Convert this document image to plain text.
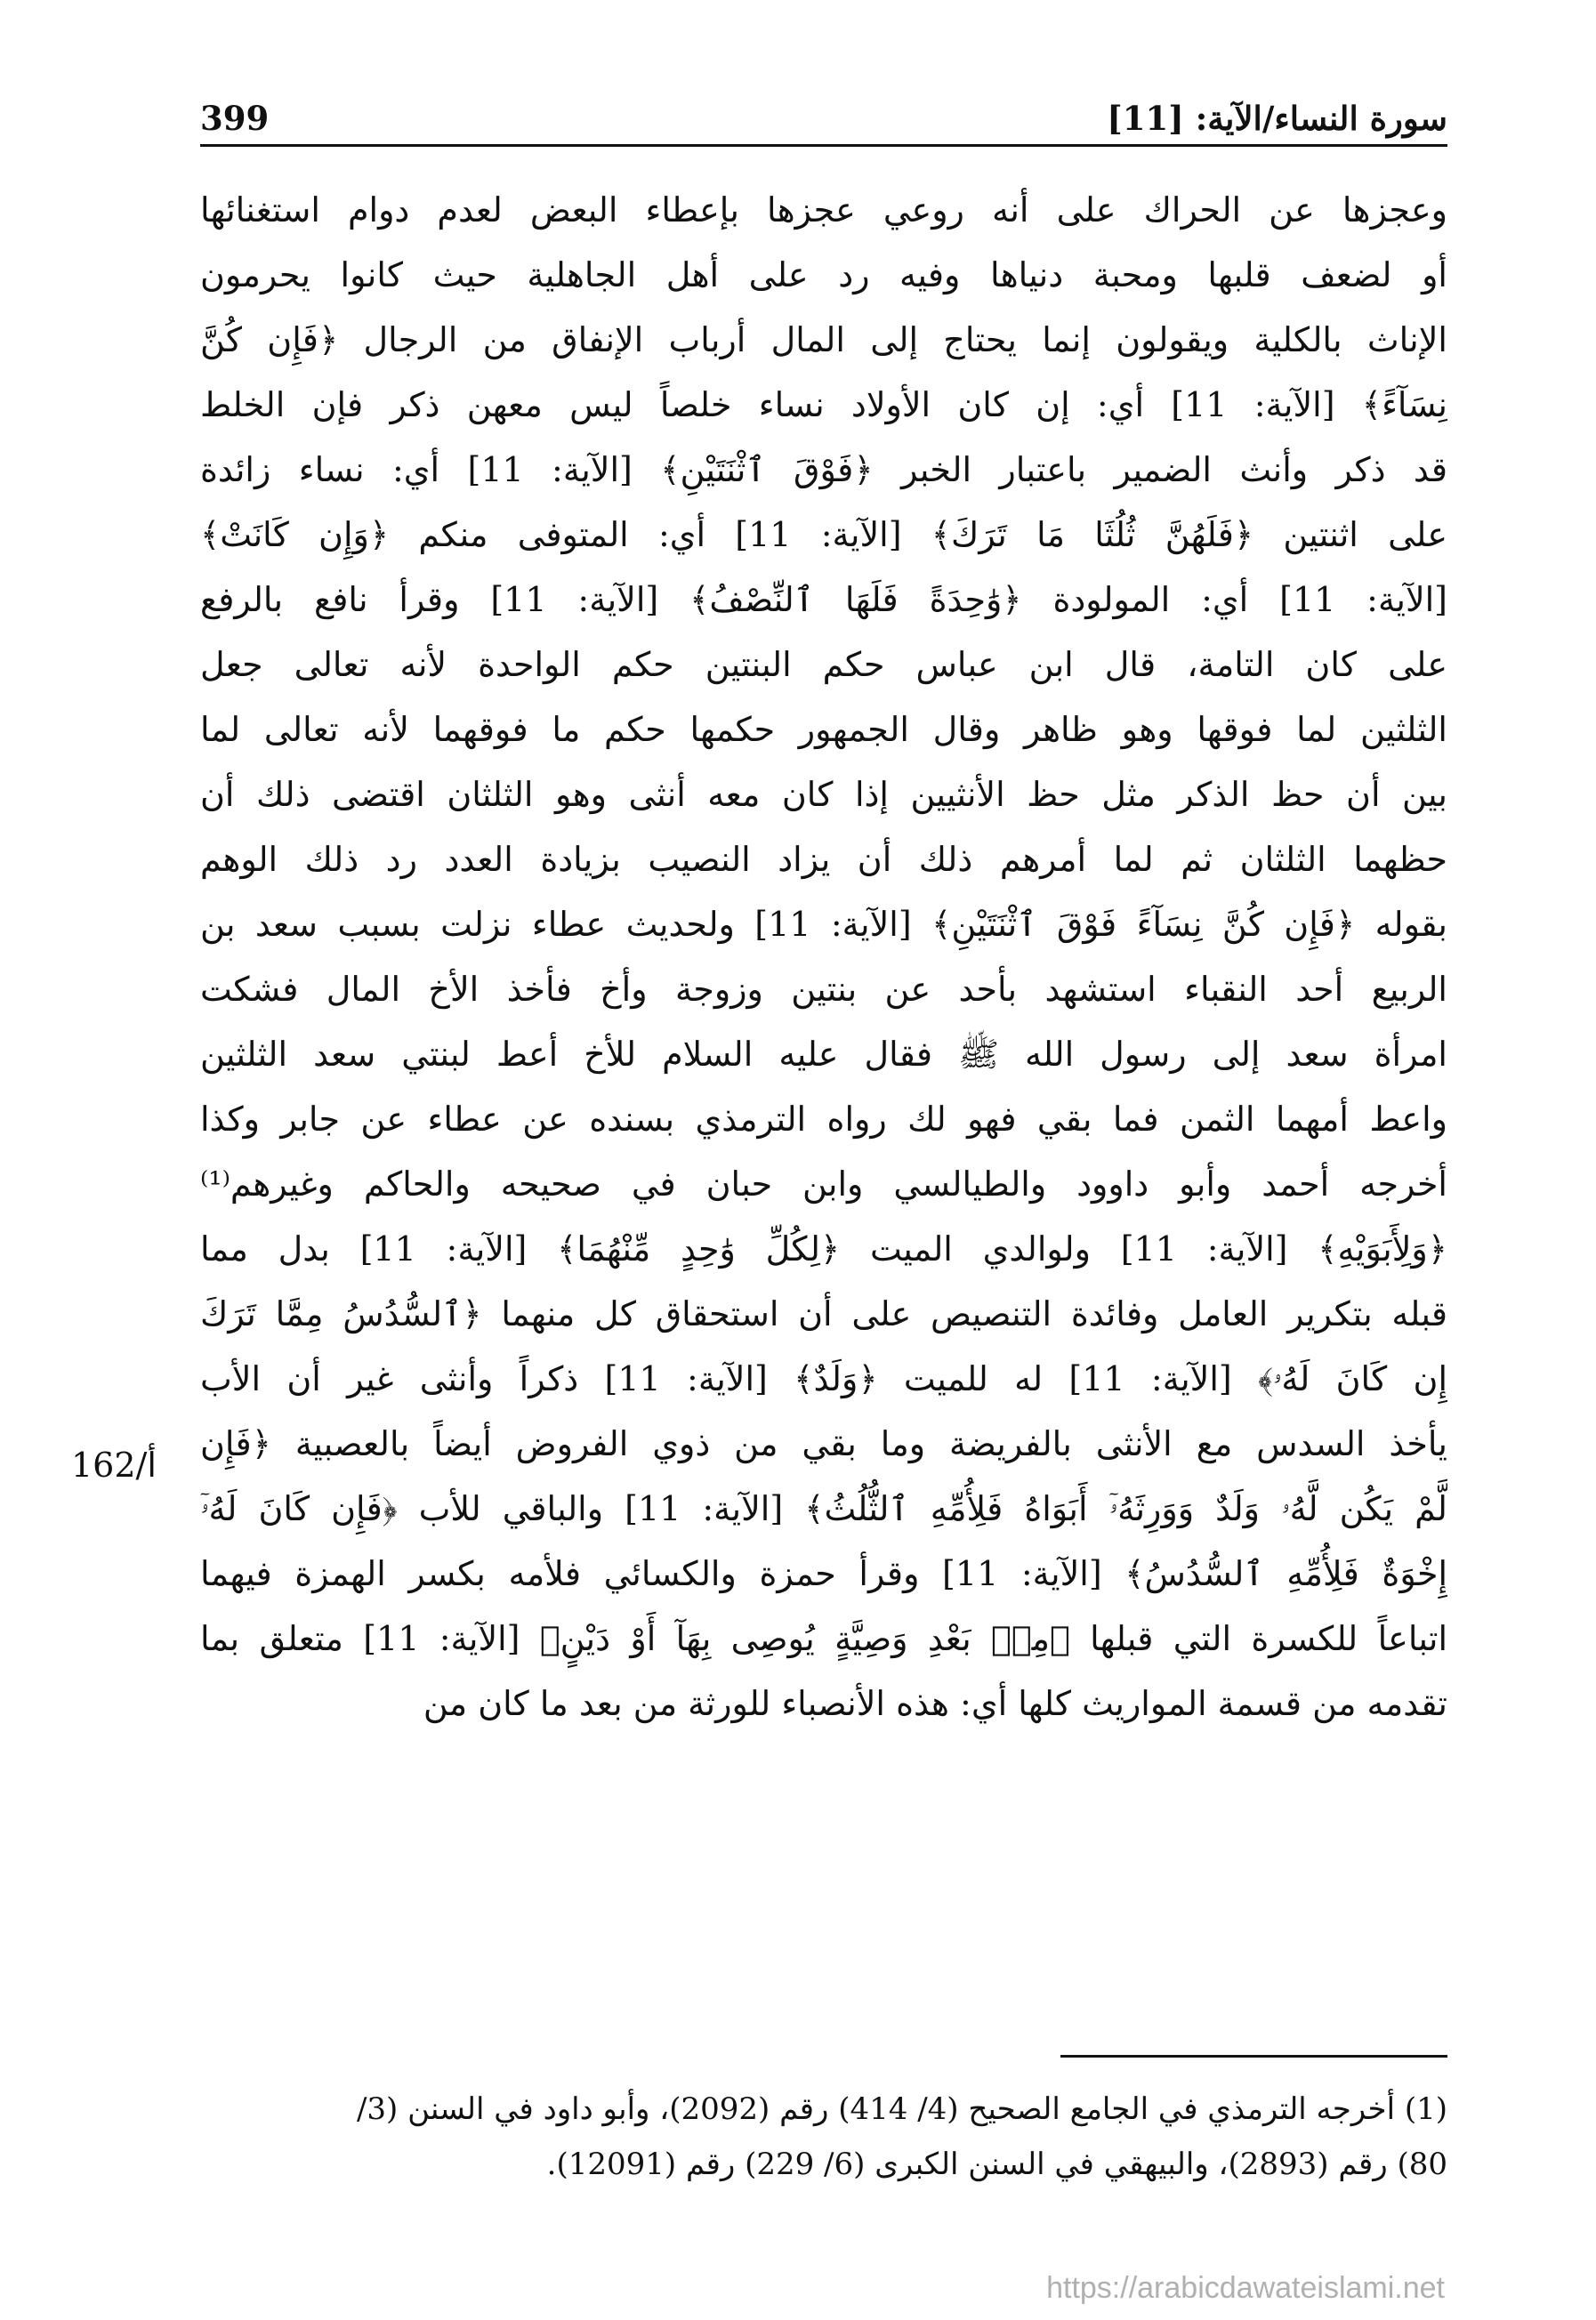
399	سورة النساء/الآية: [11]
وعجزها عن الحراك على أنه روعي عجزها بإعطاء البعض لعدم دوام استغنائها
أو لضعف قلبها ومحبة دنياها وفيه رد على أهل الجاهلية حيث كانوا يحرمون
الإناث بالكلية ويقولون إنما يحتاج إلى المال أرباب الإنفاق من الرجال ﴿فَإِن كُنَّ
نِسَآءً﴾ [الآية: 11] أي: إن كان الأولاد نساء خلصاً ليس معهن ذكر فإن الخلط
قد ذكر وأنث الضمير باعتبار الخبر ﴿فَوْقَ ٱثْنَتَيْنِ﴾ [الآية: 11] أي: نساء زائدة
على اثنتين ﴿فَلَهُنَّ ثُلُثَا مَا تَرَكَ﴾ [الآية: 11] أي: المتوفى منكم ﴿وَإِن كَانَتْ﴾
[الآية: 11] أي: المولودة ﴿وَٰحِدَةً فَلَهَا ٱلنِّصْفُ﴾ [الآية: 11] وقرأ نافع بالرفع
على كان التامة، قال ابن عباس حكم البنتين حكم الواحدة لأنه تعالى جعل
الثلثين لما فوقها وهو ظاهر وقال الجمهور حكمها حكم ما فوقهما لأنه تعالى لما
بين أن حظ الذكر مثل حظ الأنثيين إذا كان معه أنثى وهو الثلثان اقتضى ذلك أن
حظهما الثلثان ثم لما أمرهم ذلك أن يزاد النصيب بزيادة العدد رد ذلك الوهم
بقوله ﴿فَإِن كُنَّ نِسَآءً فَوْقَ ٱثْنَتَيْنِ﴾ [الآية: 11] ولحديث عطاء نزلت بسبب سعد بن
الربيع أحد النقباء استشهد بأحد عن بنتين وزوجة وأخ فأخذ الأخ المال فشكت
امرأة سعد إلى رسول الله ﷺ فقال عليه السلام للأخ أعط لبنتي سعد الثلثين
واعط أمهما الثمن فما بقي فهو لك رواه الترمذي بسنده عن عطاء عن جابر وكذا
أخرجه أحمد وأبو داوود والطيالسي وابن حبان في صحيحه والحاكم وغيرهم⁽¹⁾
﴿وَلِأَبَوَيْهِ﴾ [الآية: 11] ولوالدي الميت ﴿لِكُلِّ وَٰحِدٍ مِّنْهُمَا﴾ [الآية: 11] بدل مما
قبله بتكرير العامل وفائدة التنصيص على أن استحقاق كل منهما ﴿ٱلسُّدُسُ مِمَّا تَرَكَ
إِن كَانَ لَهُۥ﴾ [الآية: 11] له للميت ﴿وَلَدٌ﴾ [الآية: 11] ذكراً وأنثى غير أن الأب
يأخذ السدس مع الأنثى بالفريضة وما بقي من ذوي الفروض أيضاً بالعصبية ﴿فَإِن
لَّمْ يَكُن لَّهُۥ وَلَدٌ وَوَرِثَهُۥٓ أَبَوَاهُ فَلِأُمِّهِ ٱلثُّلُثُ﴾ [الآية: 11] والباقي للأب ﴿فَإِن كَانَ لَهُۥٓ
إِخْوَةٌ فَلِأُمِّهِ ٱلسُّدُسُ﴾ [الآية: 11] وقرأ حمزة والكسائي فلأمه بكسر الهمزة فيهما
اتباعاً للكسرة التي قبلها ﴿مِنۢ بَعْدِ وَصِيَّةٍ يُوصِى بِهَآ أَوْ دَيْنٍ﴾ [الآية: 11] متعلق بما
تقدمه من قسمة المواريث كلها أي: هذه الأنصباء للورثة من بعد ما كان من
162/أ
(1) أخرجه الترمذي في الجامع الصحيح (4/ 414) رقم (2092)، وأبو داود في السنن (3/
80) رقم (2893)، والبيهقي في السنن الكبرى (6/ 229) رقم (12091).
https://arabicdawateislami.net
